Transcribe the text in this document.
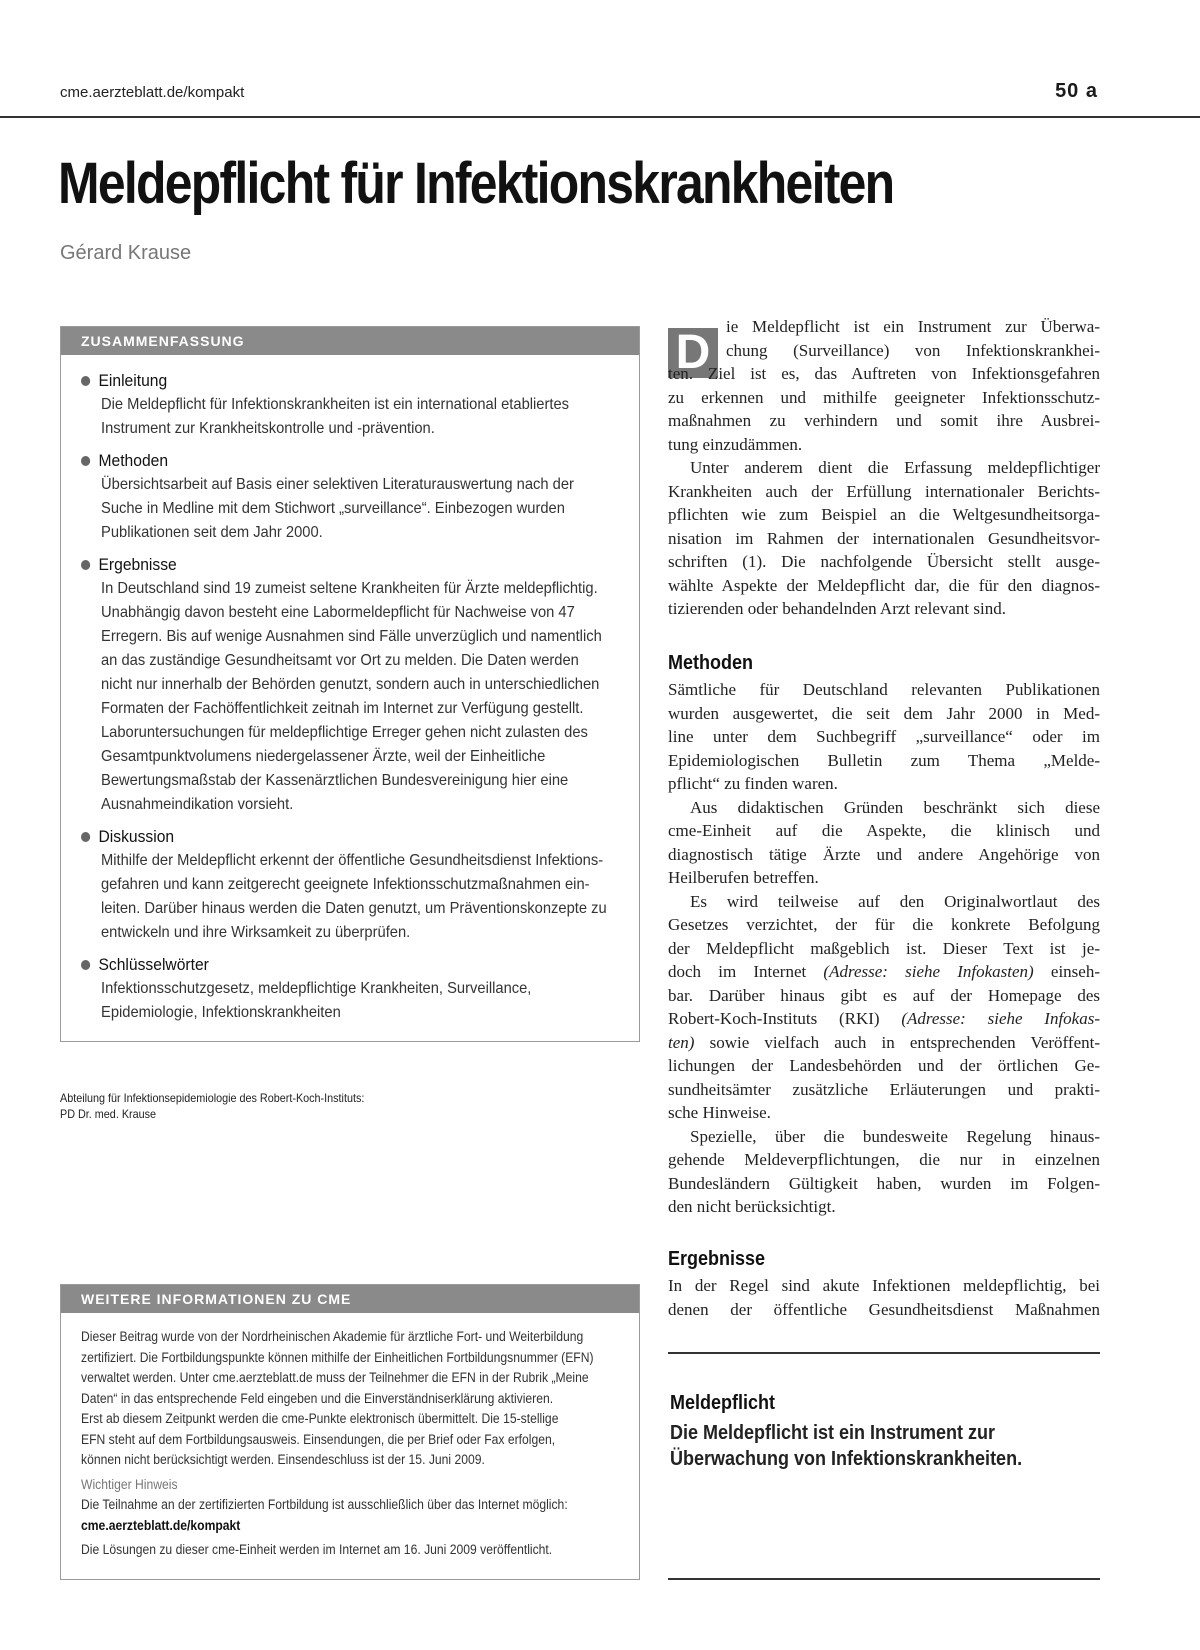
cme.aerzteblatt.de/kompakt	50 a
Meldepflicht für Infektionskrankheiten
Gérard Krause
ZUSAMMENFASSUNG
Einleitung
Die Meldepflicht für Infektionskrankheiten ist ein international etabliertes
Instrument zur Krankheitskontrolle und -prävention.
Methoden
Übersichtsarbeit auf Basis einer selektiven Literaturauswertung nach der
Suche in Medline mit dem Stichwort „surveillance“. Einbezogen wurden
Publikationen seit dem Jahr 2000.
Ergebnisse
In Deutschland sind 19 zumeist seltene Krankheiten für Ärzte meldepflichtig.
Unabhängig davon besteht eine Labormeldepflicht für Nachweise von 47
Erregern. Bis auf wenige Ausnahmen sind Fälle unverzüglich und namentlich
an das zuständige Gesundheitsamt vor Ort zu melden. Die Daten werden
nicht nur innerhalb der Behörden genutzt, sondern auch in unterschiedlichen
Formaten der Fachöffentlichkeit zeitnah im Internet zur Verfügung gestellt.
Laboruntersuchungen für meldepflichtige Erreger gehen nicht zulasten des
Gesamtpunktvolumens niedergelassener Ärzte, weil der Einheitliche
Bewertungsmaßstab der Kassenärztlichen Bundesvereinigung hier eine
Ausnahmeindikation vorsieht.
Diskussion
Mithilfe der Meldepflicht erkennt der öffentliche Gesundheitsdienst Infektions-
gefahren und kann zeitgerecht geeignete Infektionsschutzmaßnahmen ein-
leiten. Darüber hinaus werden die Daten genutzt, um Präventionskonzepte zu
entwickeln und ihre Wirksamkeit zu überprüfen.
Schlüsselwörter
Infektionsschutzgesetz, meldepflichtige Krankheiten, Surveillance,
Epidemiologie, Infektionskrankheiten
Abteilung für Infektionsepidemiologie des Robert-Koch-Instituts:
PD Dr. med. Krause
WEITERE INFORMATIONEN ZU CME
Dieser Beitrag wurde von der Nordrheinischen Akademie für ärztliche Fort- und Weiterbildung
zertifiziert. Die Fortbildungspunkte können mithilfe der Einheitlichen Fortbildungsnummer (EFN)
verwaltet werden. Unter cme.aerzteblatt.de muss der Teilnehmer die EFN in der Rubrik „Meine
Daten“ in das entsprechende Feld eingeben und die Einverständniserklärung aktivieren.
Erst ab diesem Zeitpunkt werden die cme-Punkte elektronisch übermittelt. Die 15-stellige
EFN steht auf dem Fortbildungsausweis. Einsendungen, die per Brief oder Fax erfolgen,
können nicht berücksichtigt werden. Einsendeschluss ist der 15. Juni 2009.
Wichtiger Hinweis
Die Teilnahme an der zertifizierten Fortbildung ist ausschließlich über das Internet möglich:
cme.aerzteblatt.de/kompakt
Die Lösungen zu dieser cme-Einheit werden im Internet am 16. Juni 2009 veröffentlicht.
D ie Meldepflicht ist ein Instrument zur Überwa-
chung (Surveillance) von Infektionskrankhei-
ten. Ziel ist es, das Auftreten von Infektionsgefahren
zu erkennen und mithilfe geeigneter Infektionsschutz-
maßnahmen zu verhindern und somit ihre Ausbrei-
tung einzudämmen.
Unter anderem dient die Erfassung meldepflichtiger
Krankheiten auch der Erfüllung internationaler Berichts-
pflichten wie zum Beispiel an die Weltgesundheitsorga-
nisation im Rahmen der internationalen Gesundheitsvor-
schriften (1). Die nachfolgende Übersicht stellt ausge-
wählte Aspekte der Meldepflicht dar, die für den diagnos-
tizierenden oder behandelnden Arzt relevant sind.
Methoden
Sämtliche für Deutschland relevanten Publikationen
wurden ausgewertet, die seit dem Jahr 2000 in Med-
line unter dem Suchbegriff „surveillance“ oder im
Epidemiologischen Bulletin zum Thema „Melde-
pflicht“ zu finden waren.
Aus didaktischen Gründen beschränkt sich diese
cme-Einheit auf die Aspekte, die klinisch und
diagnostisch tätige Ärzte und andere Angehörige von
Heilberufen betreffen.
Es wird teilweise auf den Originalwortlaut des
Gesetzes verzichtet, der für die konkrete Befolgung
der Meldepflicht maßgeblich ist. Dieser Text ist je-
doch im Internet (Adresse: siehe Infokasten) einseh-
bar. Darüber hinaus gibt es auf der Homepage des
Robert-Koch-Instituts (RKI) (Adresse: siehe Infokas-
ten) sowie vielfach auch in entsprechenden Veröffent-
lichungen der Landesbehörden und der örtlichen Ge-
sundheitsämter zusätzliche Erläuterungen und prakti-
sche Hinweise.
Spezielle, über die bundesweite Regelung hinaus-
gehende Meldeverpflichtungen, die nur in einzelnen
Bundesländern Gültigkeit haben, wurden im Folgen-
den nicht berücksichtigt.
Ergebnisse
In der Regel sind akute Infektionen meldepflichtig, bei
denen der öffentliche Gesundheitsdienst Maßnahmen
Meldepflicht
Die Meldepflicht ist ein Instrument zur
Überwachung von Infektionskrankheiten.
